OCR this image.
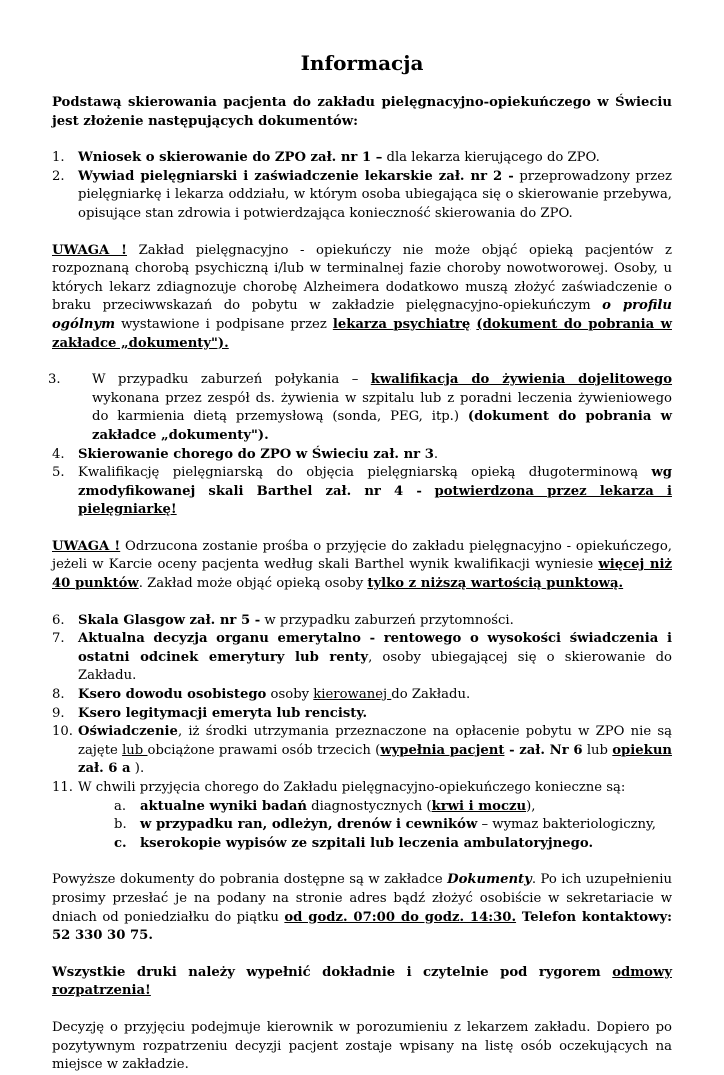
Informacja

Podstawą skierowania pacjenta do zakładu pielęgnacyjno-opiekuńczego w Świeciu jest złożenie następujących dokumentów:

1. Wniosek o skierowanie do ZPO zał. nr 1 – dla lekarza kierującego do ZPO.
2. Wywiad pielęgniarski i zaświadczenie lekarskie zał. nr 2 - przeprowadzony przez pielęgniarkę i lekarza oddziału, w którym osoba ubiegająca się o skierowanie przebywa, opisujące stan zdrowia i potwierdzająca konieczność skierowania do ZPO.

UWAGA ! Zakład pielęgnacyjno - opiekuńczy nie może objąć opieką pacjentów z rozpoznaną chorobą psychiczną i/lub w terminalnej fazie choroby nowotworowej. Osoby, u których lekarz zdiagnozuje chorobę Alzheimera dodatkowo muszą złożyć zaświadczenie o braku przeciwwskazań do pobytu w zakładzie pielęgnacyjno-opiekuńczym o profilu ogólnym wystawione i podpisane przez lekarza psychiatrę (dokument do pobrania w zakładce „dokumenty").

3. W przypadku zaburzeń połykania – kwalifikacja do żywienia dojelitowego wykonana przez zespół ds. żywienia w szpitalu lub z poradni leczenia żywieniowego do karmienia dietą przemysłową (sonda, PEG, itp.) (dokument do pobrania w zakładce „dokumenty").
4. Skierowanie chorego do ZPO w Świeciu zał. nr 3.
5. Kwalifikację pielęgniarską do objęcia pielęgniarską opieką długoterminową wg zmodyfikowanej skali Barthel zał. nr 4 - potwierdzona przez lekarza i pielęgniarkę!

UWAGA ! Odrzucona zostanie prośba o przyjęcie do zakładu pielęgnacyjno - opiekuńczego, jeżeli w Karcie oceny pacjenta według skali Barthel wynik kwalifikacji wyniesie więcej niż 40 punktów. Zakład może objąć opieką osoby tylko z niższą wartością punktową.

6. Skala Glasgow zał. nr 5 - w przypadku zaburzeń przytomności.
7. Aktualna decyzja organu emerytalno - rentowego o wysokości świadczenia i ostatni odcinek emerytury lub renty, osoby ubiegającej się o skierowanie do Zakładu.
8. Ksero dowodu osobistego osoby kierowanej do Zakładu.
9. Ksero legitymacji emeryta lub rencisty.
10. Oświadczenie, iż środki utrzymania przeznaczone na opłacenie pobytu w ZPO nie są zajęte lub obciążone prawami osób trzecich (wypełnia pacjent - zał. Nr 6 lub opiekun zał. 6 a ).
11. W chwili przyjęcia chorego do Zakładu pielęgnacyjno-opiekuńczego konieczne są:
a. aktualne wyniki badań diagnostycznych (krwi i moczu),
b. w przypadku ran, odleżyn, drenów i cewników – wymaz bakteriologiczny,
c. kserokopie wypisów ze szpitali lub leczenia ambulatoryjnego.

Powyższe dokumenty do pobrania dostępne są w zakładce Dokumenty. Po ich uzupełnieniu prosimy przesłać je na podany na stronie adres bądź złożyć osobiście w sekretariacie w dniach od poniedziałku do piątku od godz. 07:00 do godz. 14:30. Telefon kontaktowy: 52 330 30 75.

Wszystkie druki należy wypełnić dokładnie i czytelnie pod rygorem odmowy rozpatrzenia!

Decyzję o przyjęciu podejmuje kierownik w porozumieniu z lekarzem zakładu. Dopiero po pozytywnym rozpatrzeniu decyzji pacjent zostaje wpisany na listę osób oczekujących na miejsce w zakładzie.
